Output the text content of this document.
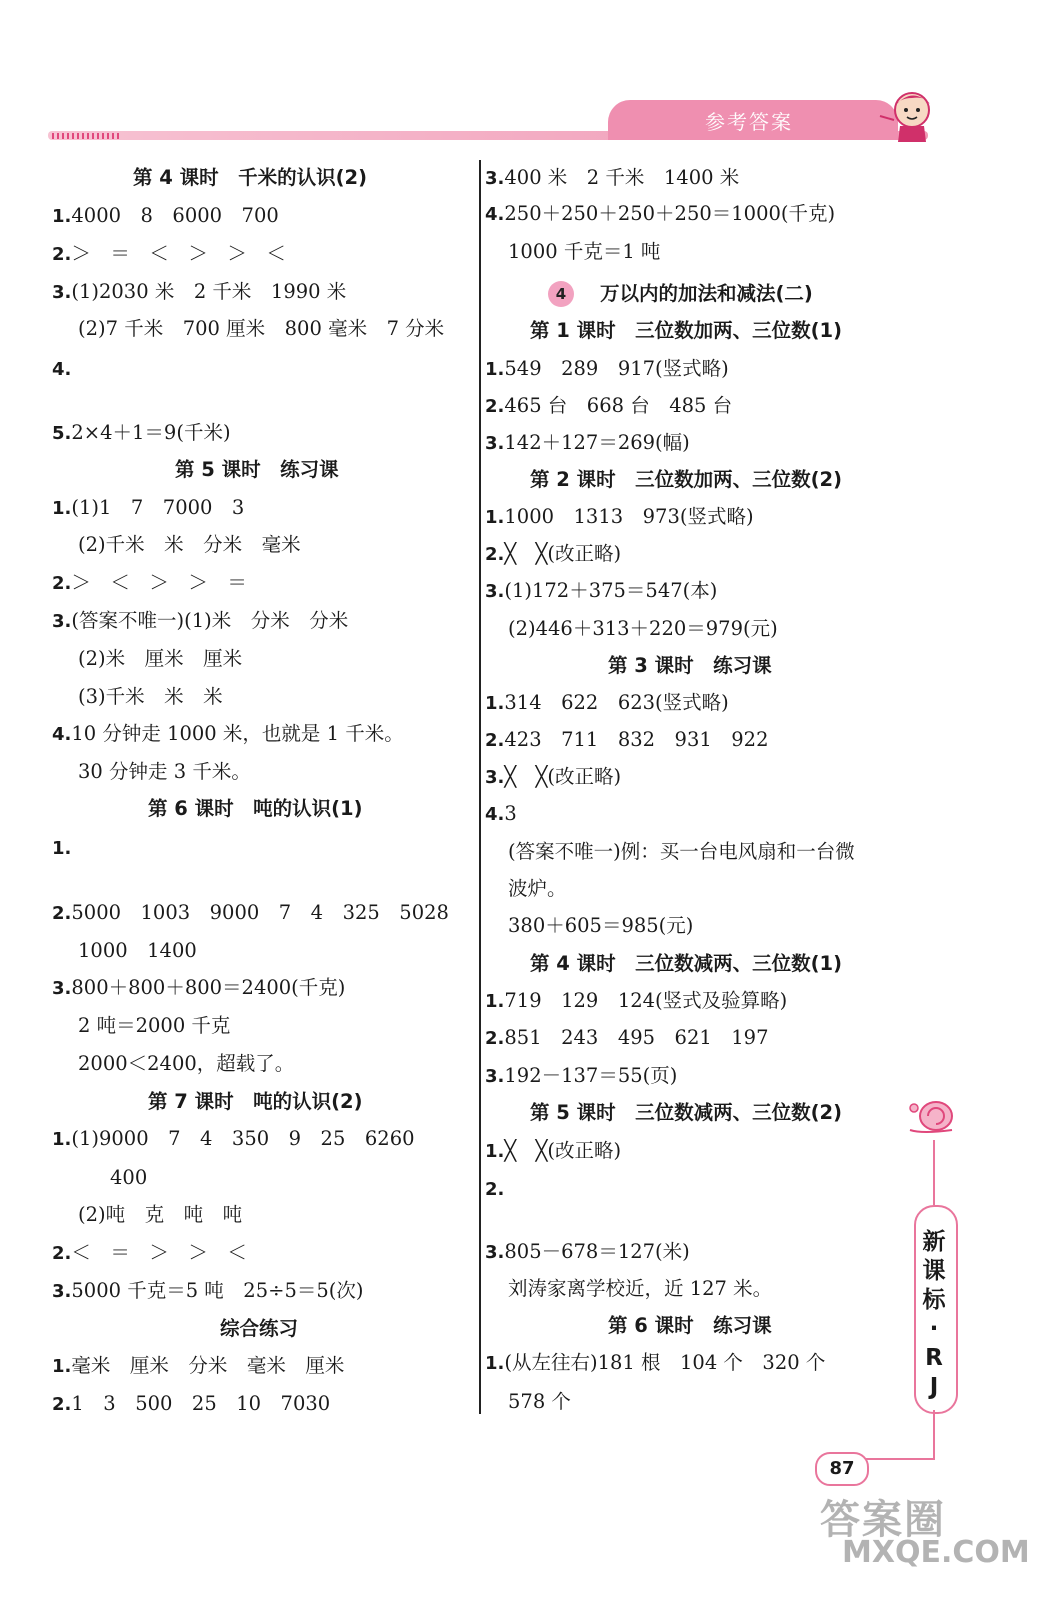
参考答案
第 4 课时　千米的认识(2)
1.4000　8　6000　700
2.＞　＝　＜　＞　＞　＜
3.(1)2030 米　2 千米　1990 米
(2)7 千米　700 厘米　800 毫米　7 分米
4.
5.2×4＋1＝9(千米)
第 5 课时　练习课
1.(1)1　7　7000　3
(2)千米　米　分米　毫米
2.＞　＜　＞　＞　＝
3.(答案不唯一)(1)米　分米　分米
(2)米　厘米　厘米
(3)千米　米　米
4.10 分钟走 1000 米，也就是 1 千米。
30 分钟走 3 千米。
第 6 课时　吨的认识(1)
1.
2.5000　1003　9000　7　4　325　5028
1000　1400
3.800＋800＋800＝2400(千克)
2 吨＝2000 千克
2000＜2400，超载了。
第 7 课时　吨的认识(2)
1.(1)9000　7　4　350　9　25　6260
400
(2)吨　克　吨　吨
2.＜　＝　＞　＞　＜
3.5000 千克＝5 吨　25÷5＝5(次)
综合练习
1.毫米　厘米　分米　毫米　厘米
2.1　3　500　25　10　7030
3.400 米　2 千米　1400 米
4.250＋250＋250＋250＝1000(千克)
1000 千克＝1 吨
万以内的加法和减法(二)
第 1 课时　三位数加两、三位数(1)
1.549　289　917(竖式略)
2.465 台　668 台　485 台
3.142＋127＝269(幅)
第 2 课时　三位数加两、三位数(2)
1.1000　1313　973(竖式略)
2.╳　╳(改正略)
3.(1)172＋375＝547(本)
(2)446＋313＋220＝979(元)
第 3 课时　练习课
1.314　622　623(竖式略)
2.423　711　832　931　922
3.╳　╳(改正略)
4.3
(答案不唯一)例：买一台电风扇和一台微
波炉。
380＋605＝985(元)
第 4 课时　三位数减两、三位数(1)
1.719　129　124(竖式及验算略)
2.851　243　495　621　197
3.192－137＝55(页)
第 5 课时　三位数减两、三位数(2)
1.╳　╳(改正略)
2.
3.805－678＝127(米)
刘涛家离学校近，近 127 米。
第 6 课时　练习课
1.(从左往右)181 根　104 个　320 个
578 个
4
新
课
标
·
R
J
87
答案圈
MXQE.COM
